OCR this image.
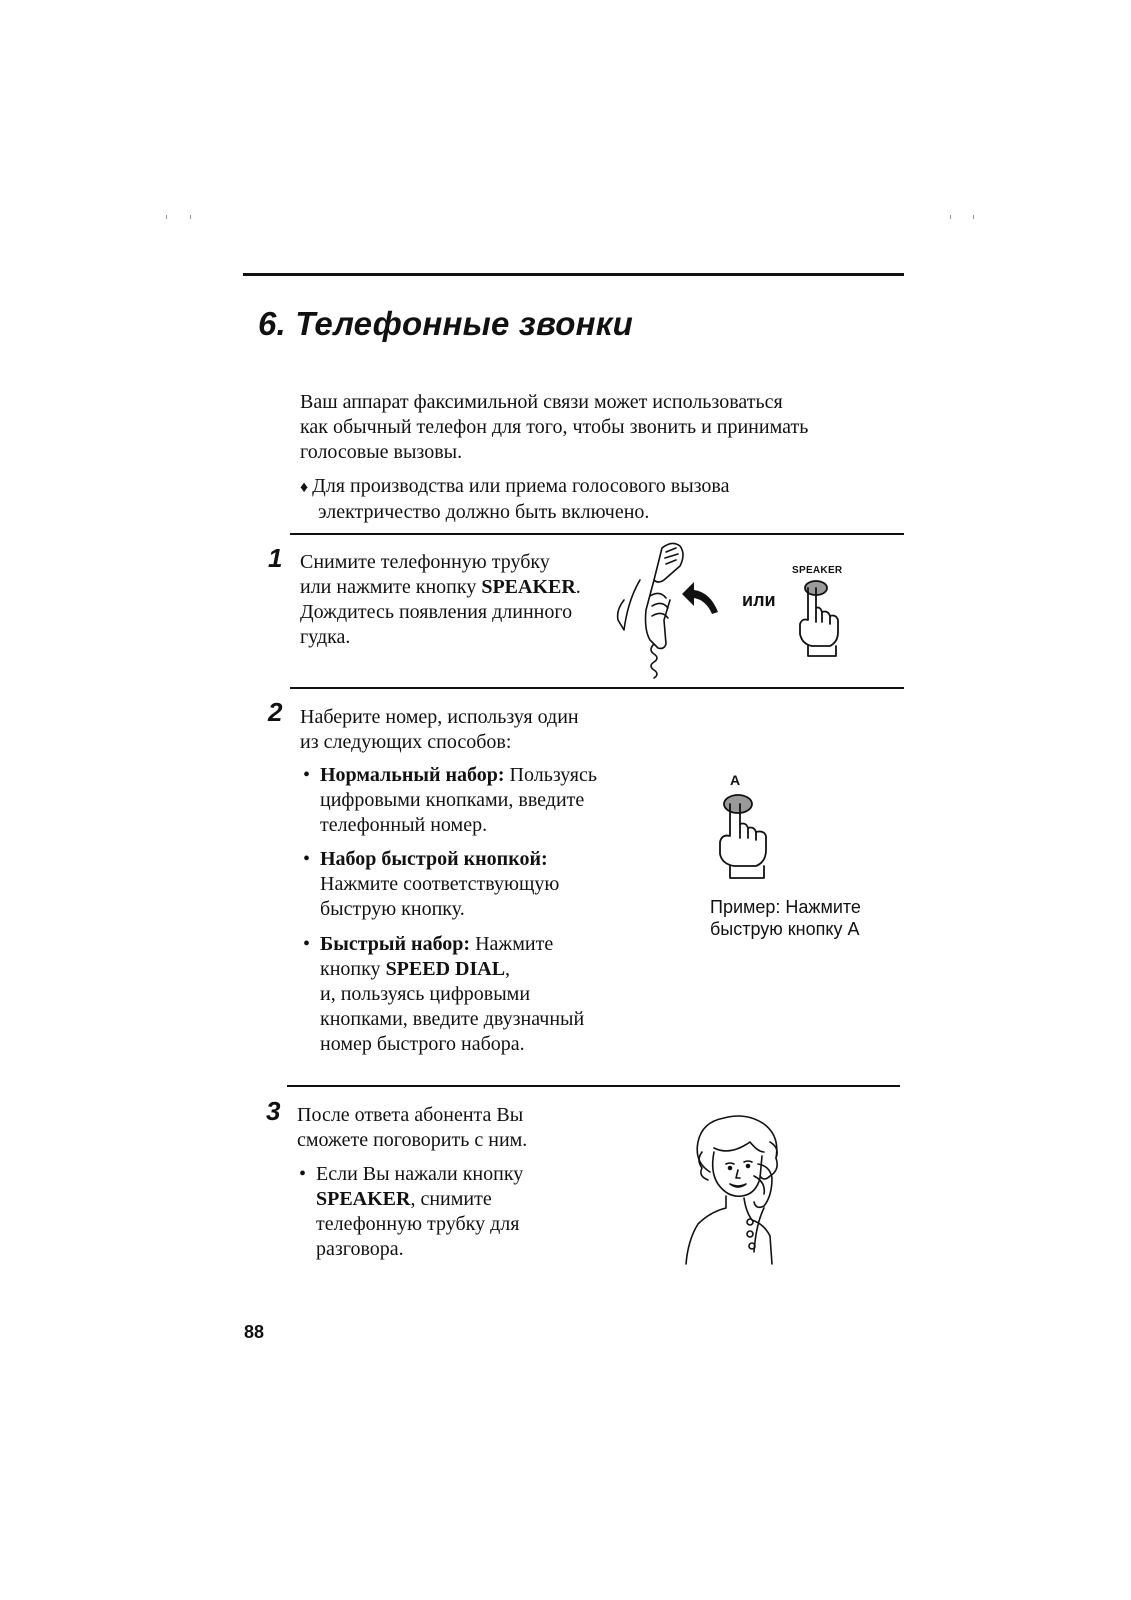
6. Телефонные звонки
Ваш аппарат факсимильной связи может использоваться
как обычный телефон для того, чтобы звонить и принимать
голосовые вызовы.
♦ Для производства или приема голосового вызова
электричество должно быть включено.
1 Снимите телефонную трубку
или нажмите кнопку SPEAKER.
Дождитесь появления длинного
гудка.
или
SPEAKER
2 Наберите номер, используя один
из следующих способов:
• Нормальный набор: Пользуясь
цифровыми кнопками, введите
телефонный номер.
• Набор быстрой кнопкой:
Нажмите соответствующую
быструю кнопку.
• Быстрый набор: Нажмите
кнопку SPEED DIAL,
и, пользуясь цифровыми
кнопками, введите двузначный
номер быстрого набора.
A
Пример: Нажмите
быструю кнопку A
3 После ответа абонента Вы
сможете поговорить с ним.
• Если Вы нажали кнопку
SPEAKER, снимите
телефонную трубку для
разговора.
88
